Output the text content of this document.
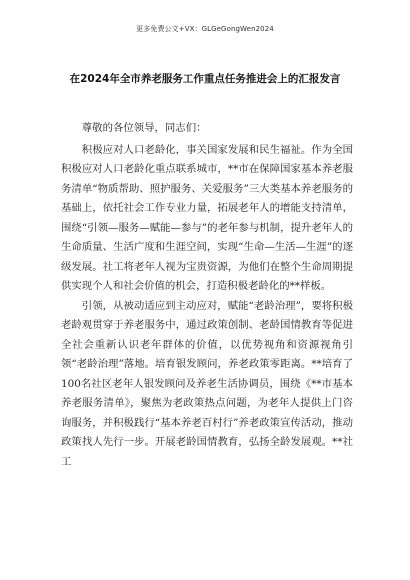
更多免费公文+VX：GLGeGongWen2024
在2024年全市养老服务工作重点任务推进会上的汇报发言

尊敬的各位领导，同志们：

积极应对人口老龄化，事关国家发展和民生福祉。作为全国积极应对人口老龄化重点联系城市，**市在保障国家基本养老服务清单“物质帮助、照护服务、关爱服务”三大类基本养老服务的基础上，依托社会工作专业力量，拓展老年人的增能支持清单，围绕“引领—服务—赋能—参与”的老年参与机制，提升老年人的生命质量、生活广度和生涯空间，实现“生命—生活—生涯”的逐级发展。社工将老年人视为宝贵资源，为他们在整个生命周期提供实现个人和社会价值的机会，打造积极老龄化的**样板。

引领，从被动适应到主动应对，赋能“老龄治理”，要将积极老龄观贯穿于养老服务中，通过政策创制、老龄国情教育等促进全社会重新认识老年群体的价值，以优势视角和资源视角引领“老龄治理”落地。培育银发顾问，养老政策零距离。**培育了100名社区老年人银发顾问及养老生活协调员，围绕《**市基本养老服务清单》，聚焦为老政策热点问题，为老年人提供上门咨询服务，并积极践行“基本养老百村行”养老政策宣传活动，推动政策找人先行一步。开展老龄国情教育，弘扬全龄发展观。**社工
